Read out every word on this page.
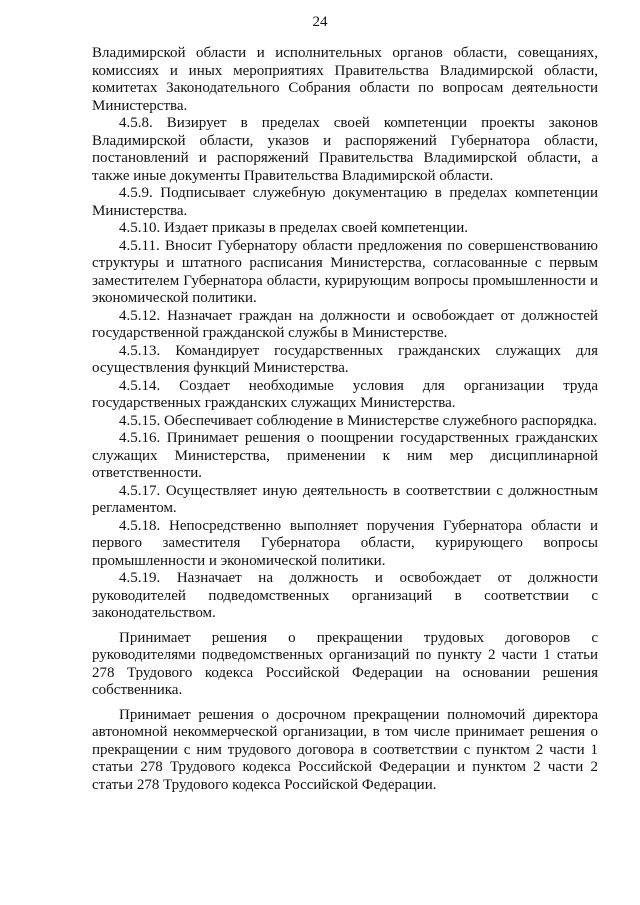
24

Владимирской области и исполнительных органов области, совещаниях, комиссиях и иных мероприятиях Правительства Владимирской области, комитетах Законодательного Собрания области по вопросам деятельности Министерства.

4.5.8. Визирует в пределах своей компетенции проекты законов Владимирской области, указов и распоряжений Губернатора области, постановлений и распоряжений Правительства Владимирской области, а также иные документы Правительства Владимирской области.

4.5.9. Подписывает служебную документацию в пределах компетенции Министерства.

4.5.10. Издает приказы в пределах своей компетенции.

4.5.11. Вносит Губернатору области предложения по совершенствованию структуры и штатного расписания Министерства, согласованные с первым заместителем Губернатора области, курирующим вопросы промышленности и экономической политики.

4.5.12. Назначает граждан на должности и освобождает от должностей государственной гражданской службы в Министерстве.

4.5.13. Командирует государственных гражданских служащих для осуществления функций Министерства.

4.5.14. Создает необходимые условия для организации труда государственных гражданских служащих Министерства.

4.5.15. Обеспечивает соблюдение в Министерстве служебного распорядка.

4.5.16. Принимает решения о поощрении государственных гражданских служащих Министерства, применении к ним мер дисциплинарной ответственности.

4.5.17. Осуществляет иную деятельность в соответствии с должностным регламентом.

4.5.18. Непосредственно выполняет поручения Губернатора области и первого заместителя Губернатора области, курирующего вопросы промышленности и экономической политики.

4.5.19. Назначает на должность и освобождает от должности руководителей подведомственных организаций в соответствии с законодательством.

Принимает решения о прекращении трудовых договоров с руководителями подведомственных организаций по пункту 2 части 1 статьи 278 Трудового кодекса Российской Федерации на основании решения собственника.

Принимает решения о досрочном прекращении полномочий директора автономной некоммерческой организации, в том числе принимает решения о прекращении с ним трудового договора в соответствии с пунктом 2 части 1 статьи 278 Трудового кодекса Российской Федерации и пунктом 2 части 2 статьи 278 Трудового кодекса Российской Федерации.
